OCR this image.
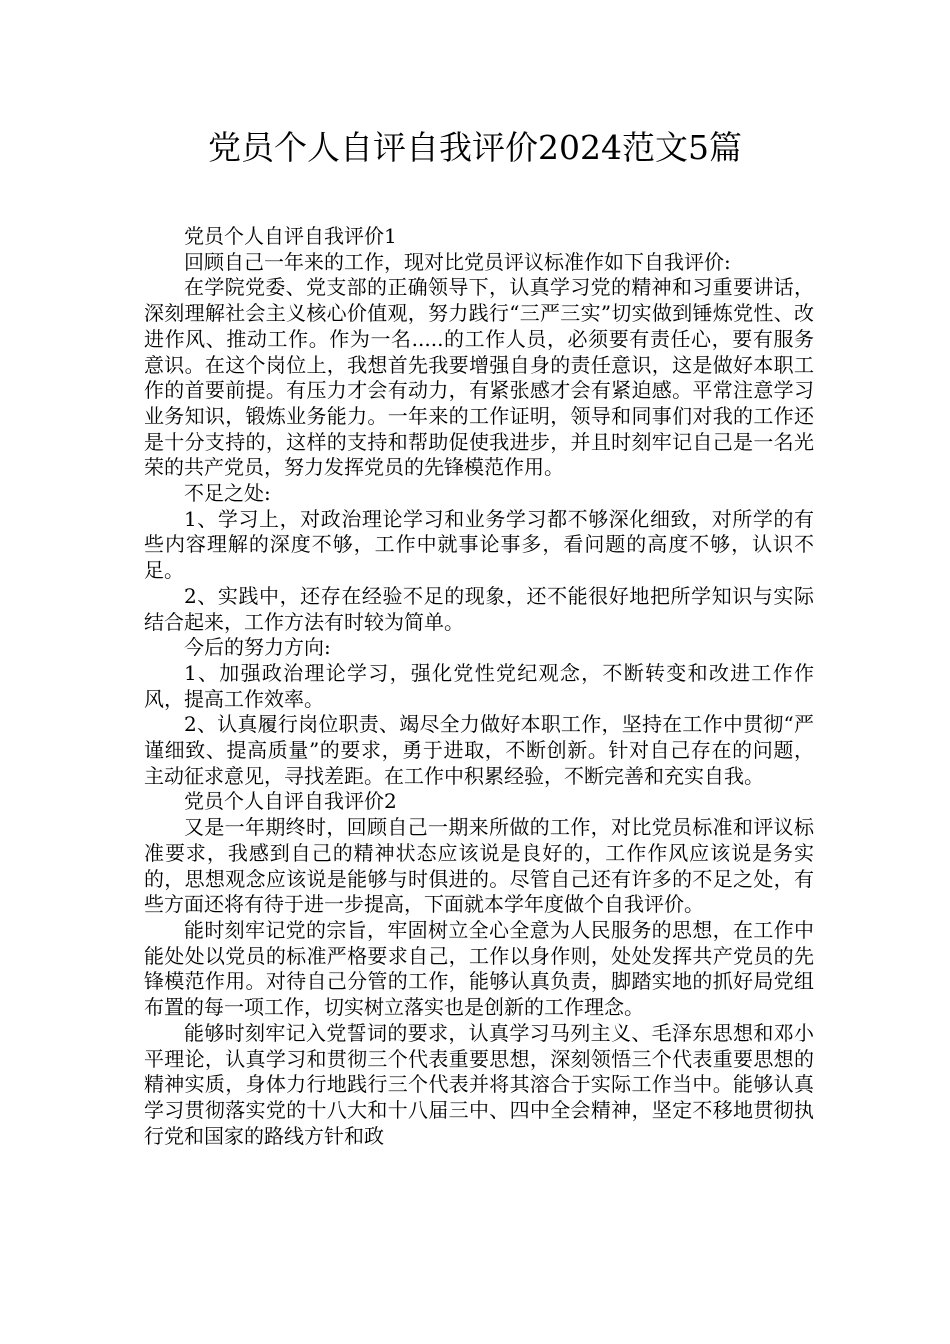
党员个人自评自我评价2024范文5篇

党员个人自评自我评价1

回顾自己一年来的工作，现对比党员评议标准作如下自我评价:

在学院党委、党支部的正确领导下，认真学习党的精神和习重要讲话，深刻理解社会主义核心价值观，努力践行“三严三实”切实做到锤炼党性、改进作风、推动工作。作为一名.....的工作人员，必须要有责任心，要有服务意识。在这个岗位上，我想首先我要增强自身的责任意识，这是做好本职工作的首要前提。有压力才会有动力，有紧张感才会有紧迫感。平常注意学习业务知识，锻炼业务能力。一年来的工作证明，领导和同事们对我的工作还是十分支持的，这样的支持和帮助促使我进步，并且时刻牢记自己是一名光荣的共产党员，努力发挥党员的先锋模范作用。

不足之处:

1、学习上，对政治理论学习和业务学习都不够深化细致，对所学的有些内容理解的深度不够，工作中就事论事多，看问题的高度不够，认识不足。

2、实践中，还存在经验不足的现象，还不能很好地把所学知识与实际结合起来，工作方法有时较为简单。

今后的努力方向:

1、加强政治理论学习，强化党性党纪观念，不断转变和改进工作作风，提高工作效率。

2、认真履行岗位职责、竭尽全力做好本职工作，坚持在工作中贯彻“严谨细致、提高质量”的要求，勇于进取，不断创新。针对自己存在的问题，主动征求意见，寻找差距。在工作中积累经验，不断完善和充实自我。

党员个人自评自我评价2

又是一年期终时，回顾自己一期来所做的工作，对比党员标准和评议标准要求，我感到自己的精神状态应该说是良好的，工作作风应该说是务实的，思想观念应该说是能够与时俱进的。尽管自己还有许多的不足之处，有些方面还将有待于进一步提高，下面就本学年度做个自我评价。

能时刻牢记党的宗旨，牢固树立全心全意为人民服务的思想，在工作中能处处以党员的标准严格要求自己，工作以身作则，处处发挥共产党员的先锋模范作用。对待自己分管的工作，能够认真负责，脚踏实地的抓好局党组布置的每一项工作，切实树立落实也是创新的工作理念。

能够时刻牢记入党誓词的要求，认真学习马列主义、毛泽东思想和邓小平理论，认真学习和贯彻三个代表重要思想，深刻领悟三个代表重要思想的精神实质，身体力行地践行三个代表并将其溶合于实际工作当中。能够认真学习贯彻落实党的十八大和十八届三中、四中全会精神，坚定不移地贯彻执行党和国家的路线方针和政
